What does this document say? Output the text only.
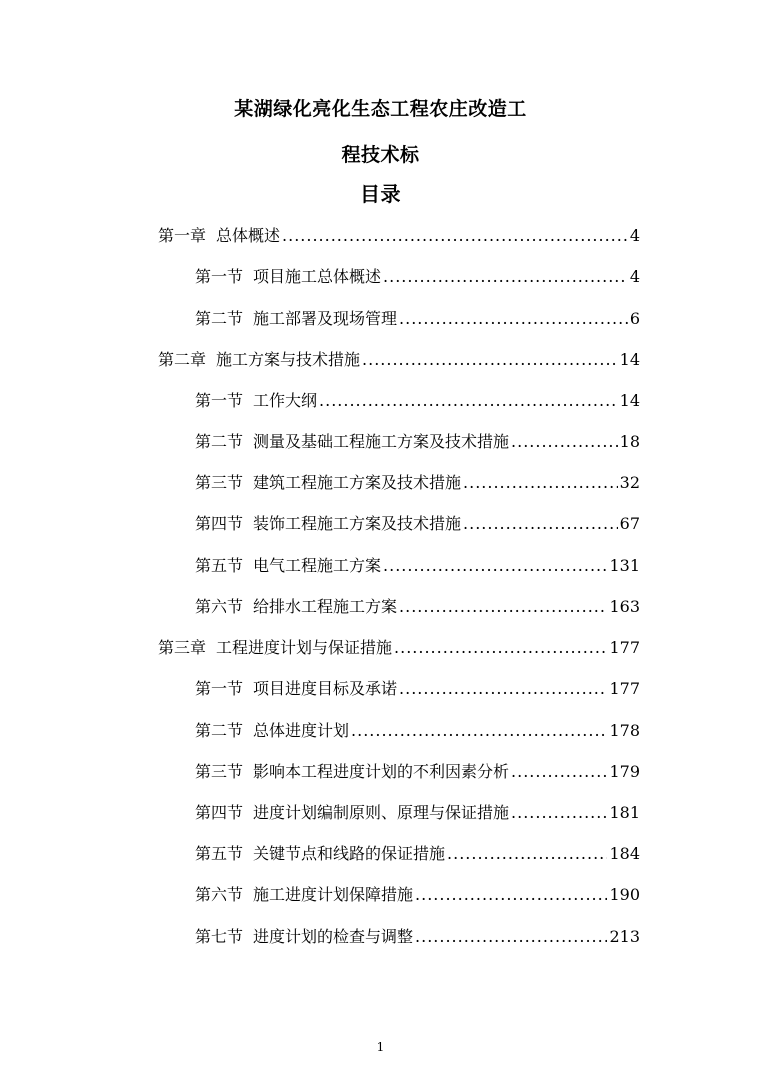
某湖绿化亮化生态工程农庄改造工
程技术标
目录
第一章 总体概述 .....	4
第一节 项目施工总体概述 .....	4
第二节 施工部署及现场管理 .....	6
第二章 施工方案与技术措施 .....	14
第一节 工作大纲 .....	14
第二节 测量及基础工程施工方案及技术措施 .....	18
第三节 建筑工程施工方案及技术措施 .....	32
第四节 装饰工程施工方案及技术措施 .....	67
第五节 电气工程施工方案 .....	131
第六节 给排水工程施工方案 .....	163
第三章 工程进度计划与保证措施 .....	177
第一节 项目进度目标及承诺 .....	177
第二节 总体进度计划 .....	178
第三节 影响本工程进度计划的不利因素分析 .....	179
第四节 进度计划编制原则、原理与保证措施 .....	181
第五节 关键节点和线路的保证措施 .....	184
第六节 施工进度计划保障措施 .....	190
第七节 进度计划的检查与调整 .....	213
1
